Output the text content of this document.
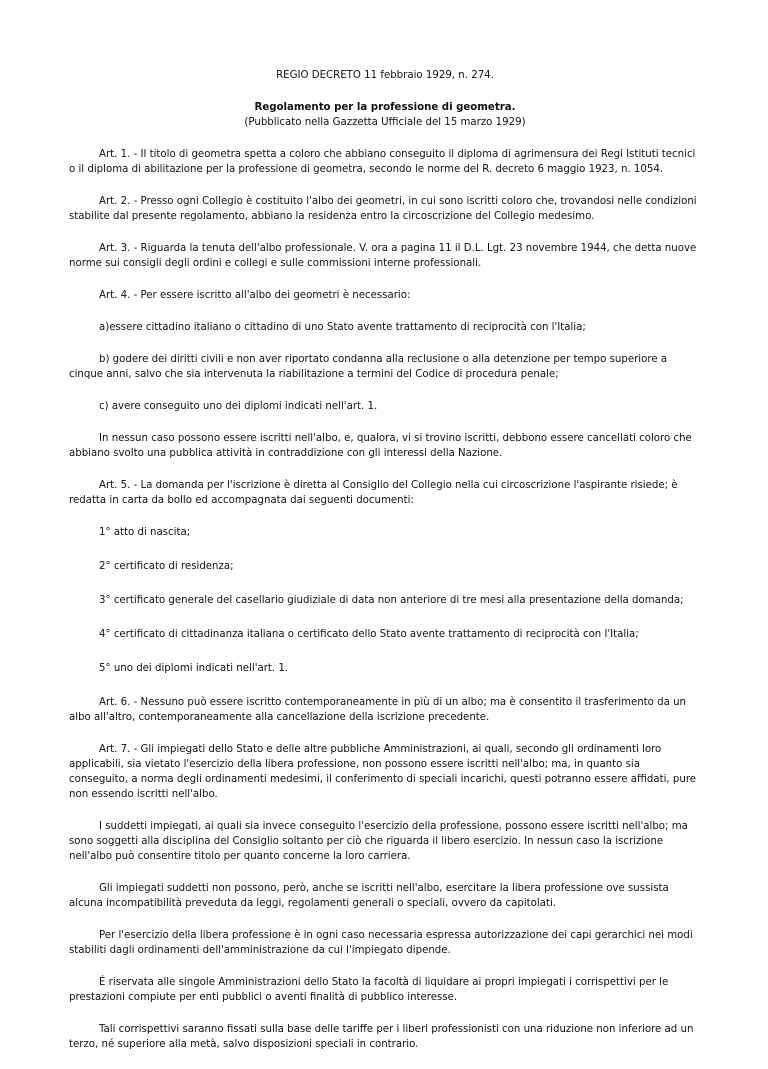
REGIO DECRETO 11 febbraio 1929, n. 274.

Regolamento per la professione di geometra.

(Pubblicato nella Gazzetta Ufficiale del 15 marzo 1929)

Art. 1. - Il titolo di geometra spetta a coloro che abbiano conseguito il diploma di agrimensura dei Regi Istituti tecnici o il diploma di abilitazione per la professione di geometra, secondo le norme del R. decreto 6 maggio 1923, n. 1054.

Art. 2. - Presso ogni Collegio è costituito l'albo dei geometri, in cui sono iscritti coloro che, trovandosi nelle condizioni stabilite dal presente regolamento, abbiano la residenza entro la circoscrizione del Collegio medesimo.

Art. 3. - Riguarda la tenuta dell'albo professionale. V. ora a pagina 11 il D.L. Lgt. 23 novembre 1944, che detta nuove norme sui consigli degli ordini e collegi e sulle commissioni interne professionali.

Art. 4. - Per essere iscritto all'albo dei geometri è necessario:

a)essere cittadino italiano o cittadino di uno Stato avente trattamento di reciprocità con l'Italia;

b) godere dei diritti civili e non aver riportato condanna alla reclusione o alla detenzione per tempo superiore a cinque anni, salvo che sia intervenuta la riabilitazione a termini del Codice di procedura penale;

c) avere conseguito uno dei diplomi indicati nell'art. 1.

In nessun caso possono essere iscritti nell'albo, e, qualora, vi si trovino iscritti, debbono essere cancellati coloro che abbiano svolto una pubblica attività in contraddizione con gli interessi della Nazione.

Art. 5. - La domanda per l'iscrizione è diretta al Consiglio del Collegio nella cui circoscrizione l'aspirante risiede; è redatta in carta da bollo ed accompagnata dai seguenti documenti:

1° atto di nascita;

2° certificato di residenza;

3° certificato generale del casellario giudiziale di data non anteriore di tre mesi alla presentazione della domanda;

4° certificato di cittadinanza italiana o certificato dello Stato avente trattamento di reciprocità con l'Italia;

5° uno dei diplomi indicati nell'art. 1.

Art. 6. - Nessuno può essere iscritto contemporaneamente in più di un albo; ma è consentito il trasferimento da un albo all'altro, contemporaneamente alla cancellazione della iscrizione precedente.

Art. 7. - Gli impiegati dello Stato e delle altre pubbliche Amministrazioni, ai quali, secondo gli ordinamenti loro applicabili, sia vietato l'esercizio della libera professione, non possono essere iscritti nell'albo; ma, in quanto sia conseguito, a norma degli ordinamenti medesimi, il conferimento di speciali incarichi, questi potranno essere affidati, pure non essendo iscritti nell'albo.

I suddetti impiegati, ai quali sia invece conseguito l'esercizio della professione, possono essere iscritti nell'albo; ma sono soggetti alla disciplina del Consiglio soltanto per ciò che riguarda il libero esercizio. In nessun caso la iscrizione nell'albo può consentire titolo per quanto concerne la loro carriera.

Gli impiegati suddetti non possono, però, anche se iscritti nell'albo, esercitare la libera professione ove sussista alcuna incompatibilità preveduta da leggi, regolamenti generali o speciali, ovvero da capitolati.

Per l'esercizio della libera professione è in ogni caso necessaria espressa autorizzazione dei capi gerarchici nei modi stabiliti dagli ordinamenti dell'amministrazione da cui l'impiegato dipende.

É riservata alle singole Amministrazioni dello Stato la facoltà di liquidare ai propri impiegati i corrispettivi per le prestazioni compiute per enti pubblici o aventi finalità di pubblico interesse.

Tali corrispettivi saranno fissati sulla base delle tariffe per i liberi professionisti con una riduzione non inferiore ad un terzo, né superiore alla metà, salvo disposizioni speciali in contrario.
